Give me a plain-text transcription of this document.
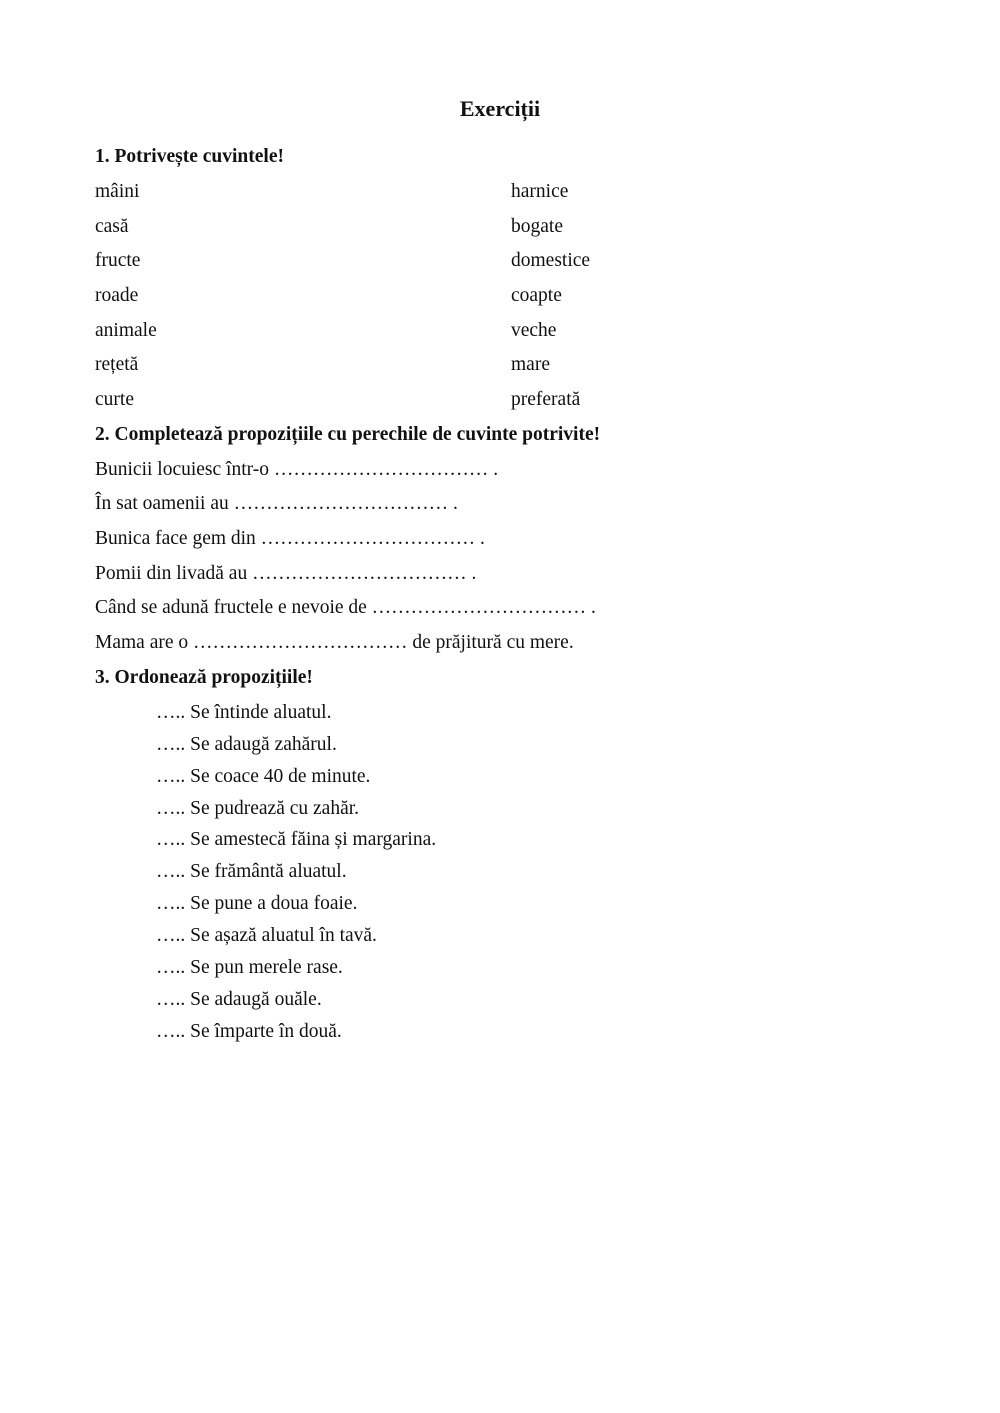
Exerciții
1. Potrivește cuvintele!
mâini
casă
fructe
roade
animale
rețetă
curte
harnice
bogate
domestice
coapte
veche
mare
preferată
2. Completează propozițiile cu perechile de cuvinte potrivite!
Bunicii locuiesc într-o …………………………… .
În sat oamenii au …………………………… .
Bunica face gem din …………………………… .
Pomii din livadă au …………………………… .
Când se adună fructele e nevoie de …………………………… .
Mama are o …………………………… de prăjitură cu mere.
3. Ordonează propozițiile!
….. Se întinde aluatul.
….. Se adaugă zahărul.
….. Se coace 40 de minute.
….. Se pudrează cu zahăr.
….. Se amestecă făina și margarina.
….. Se frământă aluatul.
….. Se pune a doua foaie.
….. Se așază aluatul în tavă.
….. Se pun merele rase.
….. Se adaugă ouăle.
….. Se împarte în două.
